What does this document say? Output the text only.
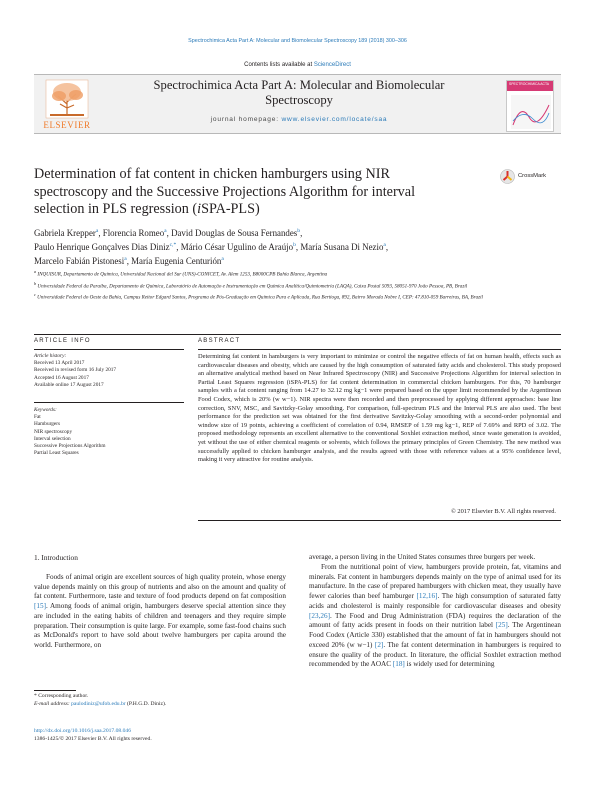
Spectrochimica Acta Part A: Molecular and Biomolecular Spectroscopy 189 (2018) 300–306
Contents lists available at ScienceDirect
ELSEVIER
Spectrochimica Acta Part A: Molecular and Biomolecular
Spectroscopy
journal homepage: www.elsevier.com/locate/saa
SPECTROCHIMICA ACTA
Determination of fat content in chicken hamburgers using NIR
spectroscopy and the Successive Projections Algorithm for interval
selection in PLS regression (iSPA-PLS)
CrossMark
Gabriela Krepper$^a$, Florencia Romeo$^a$, David Douglas de Sousa Fernandes$^b$,
Paulo Henrique Gonçalves Dias Diniz$^{c,*}$, Mário César Ugulino de Araújo$^b$, María Susana Di Nezio$^a$,
Marcelo Fabián Pistonesi$^a$, María Eugenia Centurión$^a$
$^a$ INQUISUR, Departamento de Química, Universidad Nacional del Sur (UNS)-CONICET, Av. Alem 1253, B8000CPB Bahía Blanca, Argentina
$^b$ Universidade Federal da Paraíba, Departamento de Química, Laboratório de Automação e Instrumentação em Química Analítica/Quimiometria (LAQA), Caixa Postal 5093, 58051-970 João Pessoa, PB, Brazil
$^c$ Universidade Federal do Oeste da Bahia, Campus Reitor Edgard Santos, Programa de Pós-Graduação em Química Pura e Aplicada, Rua Bertioga, 892, Bairro Morada Nobre I, CEP: 47.810-059 Barreiras, BA, Brazil
ARTICLE INFO
Article history:
Received 13 April 2017
Received in revised form 16 July 2017
Accepted 16 August 2017
Available online 17 August 2017
Keywords:
Fat
Hamburgers
NIR spectroscopy
Interval selection
Successive Projections Algorithm
Partial Least Squares
ABSTRACT
Determining fat content in hamburgers is very important to minimize or control the negative effects of fat on human health, effects such as cardiovascular diseases and obesity, which are caused by the high consumption of saturated fatty acids and cholesterol. This study proposed an alternative analytical method based on Near Infrared Spectroscopy (NIR) and Successive Projections Algorithm for interval selection in Partial Least Squares regression (iSPA-PLS) for fat content determination in commercial chicken hamburgers. For this, 70 hamburger samples with a fat content ranging from 14.27 to 32.12 mg kg−1 were prepared based on the upper limit recommended by the Argentinean Food Codex, which is 20% (w w−1). NIR spectra were then recorded and then preprocessed by applying different approaches: base line correction, SNV, MSC, and Savitzky-Golay smoothing. For comparison, full-spectrum PLS and the Interval PLS are also used. The best performance for the prediction set was obtained for the first derivative Savitzky-Golay smoothing with a second-order polynomial and window size of 19 points, achieving a coefficient of correlation of 0.94, RMSEP of 1.59 mg kg−1, REP of 7.69% and RPD of 3.02. The proposed methodology represents an excellent alternative to the conventional Soxhlet extraction method, since waste generation is avoided, yet without the use of either chemical reagents or solvents, which follows the primary principles of Green Chemistry. The new method was successfully applied to chicken hamburger analysis, and the results agreed with those with reference values at a 95% confidence level, making it very attractive for routine analysis.
© 2017 Elsevier B.V. All rights reserved.
1. Introduction
Foods of animal origin are excellent sources of high quality protein, whose energy value depends mainly on this group of nutrients and also on the amount and quality of fat content. Furthermore, taste and texture of food products depend on fat composition [15]. Among foods of animal origin, hamburgers deserve special attention since they are included in the eating habits of children and teenagers and they require simple preparation. Their consumption is quite large. For example, some fast-food chains such as McDonald's report to have sold about twelve hamburgers per capita around the world. Furthermore, on
average, a person living in the United States consumes three burgers per week.
From the nutritional point of view, hamburgers provide protein, fat, vitamins and minerals. Fat content in hamburgers depends mainly on the type of animal used for its manufacture. In the case of prepared hamburgers with chicken meat, they usually have fewer calories than beef hamburger [12,16]. The high consumption of saturated fatty acids and cholesterol is mainly responsible for cardiovascular diseases and obesity [23,26]. The Food and Drug Administration (FDA) requires the declaration of the amount of fatty acids present in foods on their nutrition label [25]. The Argentinean Food Codex (Article 330) established that the amount of fat in hamburgers should not exceed 20% (w w−1) [2]. The fat content determination in hamburgers is required to ensure the quality of the product. In literature, the official Soxhlet extraction method recommended by the AOAC [18] is widely used for determining
* Corresponding author.
E-mail address: paulodiniz@ufob.edu.br (P.H.G.D. Diniz).
http://dx.doi.org/10.1016/j.saa.2017.08.046
1386-1425/© 2017 Elsevier B.V. All rights reserved.
